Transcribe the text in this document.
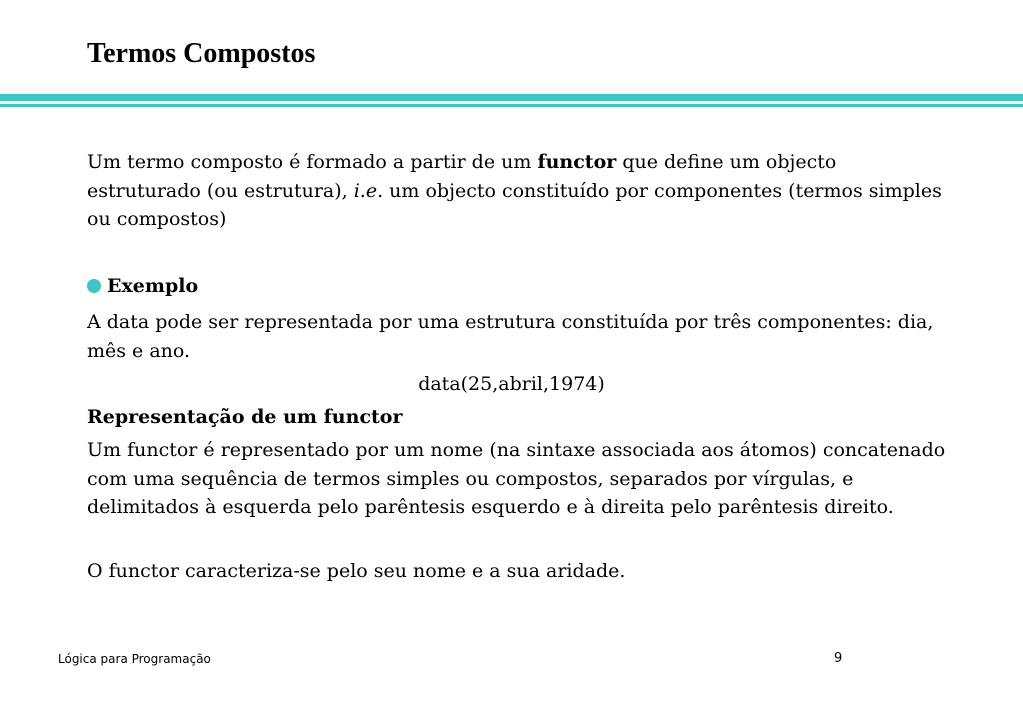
Termos Compostos
Um termo composto é formado a partir de um functor que define um objecto estruturado (ou estrutura), i.e. um objecto constituído por componentes (termos simples ou compostos)
Exemplo
A data pode ser representada por uma estrutura constituída por três componentes: dia, mês e ano.
data(25,abril,1974)
Representação de um functor
Um functor é representado por um nome (na sintaxe associada aos átomos) concatenado com uma sequência de termos simples ou compostos, separados por vírgulas, e delimitados à esquerda pelo parêntesis esquerdo e à direita pelo parêntesis direito.
O functor caracteriza-se pelo seu nome e a sua aridade.
Lógica para Programação	9
